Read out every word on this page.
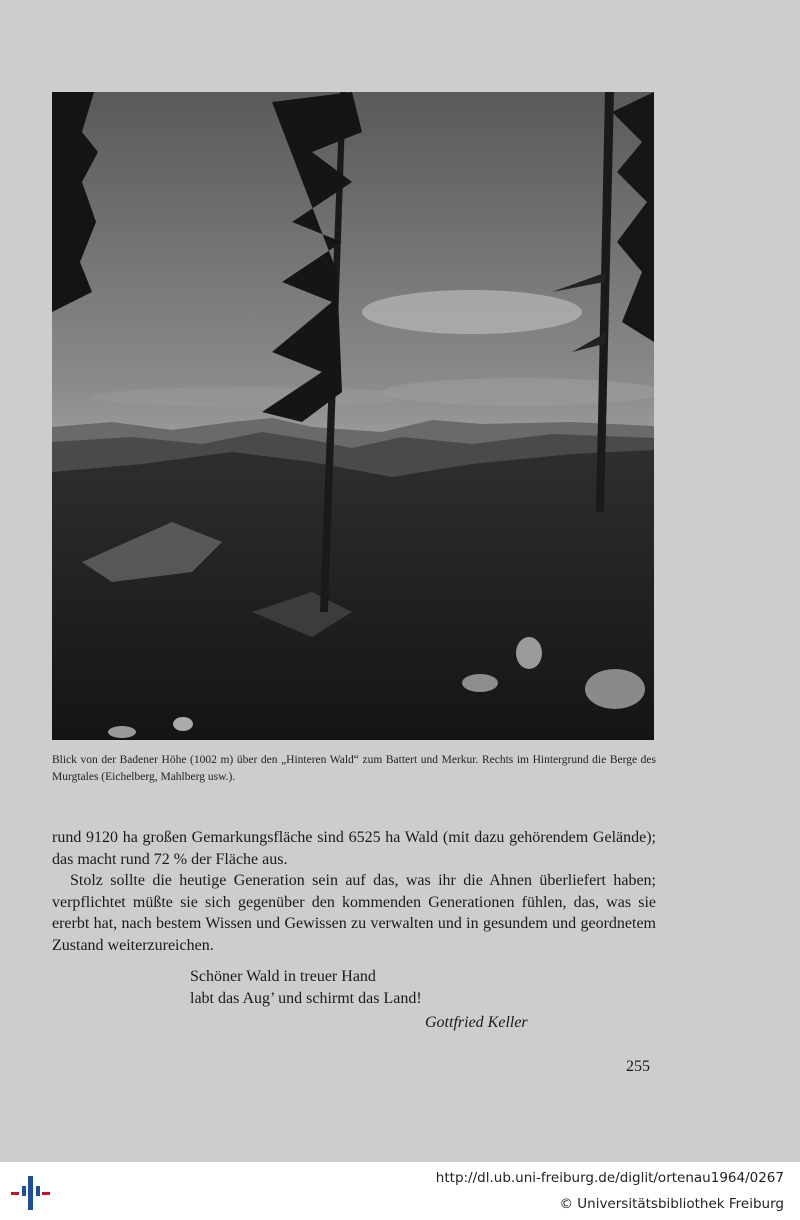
Blick von der Badener Höhe (1002 m) über den „Hinteren Wald“ zum Battert und Merkur. Rechts im Hintergrund die Berge des Murgtales (Eichelberg, Mahlberg usw.).

rund 9120 ha großen Gemarkungsfläche sind 6525 ha Wald (mit dazu gehörendem Gelände); das macht rund 72 % der Fläche aus.

Stolz sollte die heutige Generation sein auf das, was ihr die Ahnen überliefert haben; verpflichtet müßte sie sich gegenüber den kommenden Generationen fühlen, das, was sie ererbt hat, nach bestem Wissen und Gewissen zu verwalten und in gesundem und geordnetem Zustand weiterzureichen.

Schöner Wald in treuer Hand
labt das Aug’ und schirmt das Land!
Gottfried Keller
255
http://dl.ub.uni-freiburg.de/diglit/ortenau1964/0267
© Universitätsbibliothek Freiburg
